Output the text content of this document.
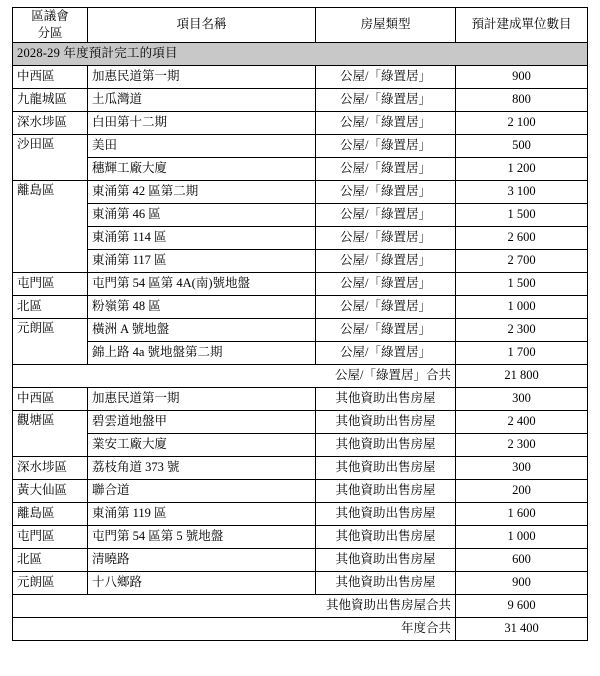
區議會
分區	項目名稱	房屋類型	預計建成單位數目
2028-29 年度預計完工的項目			
中西區	加惠民道第一期	公屋/「綠置居」	900
九龍城區	土瓜灣道	公屋/「綠置居」	800
深水埗區	白田第十二期	公屋/「綠置居」	2 100
沙田區	美田	公屋/「綠置居」	500
	穗輝工廠大廈	公屋/「綠置居」	1 200
離島區	東涌第 42 區第二期	公屋/「綠置居」	3 100
	東涌第 46 區	公屋/「綠置居」	1 500
	東涌第 114 區	公屋/「綠置居」	2 600
	東涌第 117 區	公屋/「綠置居」	2 700
屯門區	屯門第 54 區第 4A(南)號地盤	公屋/「綠置居」	1 500
北區	粉嶺第 48 區	公屋/「綠置居」	1 000
元朗區	橫洲 A 號地盤	公屋/「綠置居」	2 300
	錦上路 4a 號地盤第二期	公屋/「綠置居」	1 700
公屋/「綠置居」合共			21 800
中西區	加惠民道第一期	其他資助出售房屋	300
觀塘區	碧雲道地盤甲	其他資助出售房屋	2 400
	業安工廠大廈	其他資助出售房屋	2 300
深水埗區	荔枝角道 373 號	其他資助出售房屋	300
黃大仙區	聯合道	其他資助出售房屋	200
離島區	東涌第 119 區	其他資助出售房屋	1 600
屯門區	屯門第 54 區第 5 號地盤	其他資助出售房屋	1 000
北區	清曉路	其他資助出售房屋	600
元朗區	十八鄉路	其他資助出售房屋	900
其他資助出售房屋合共			9 600
年度合共			31 400
